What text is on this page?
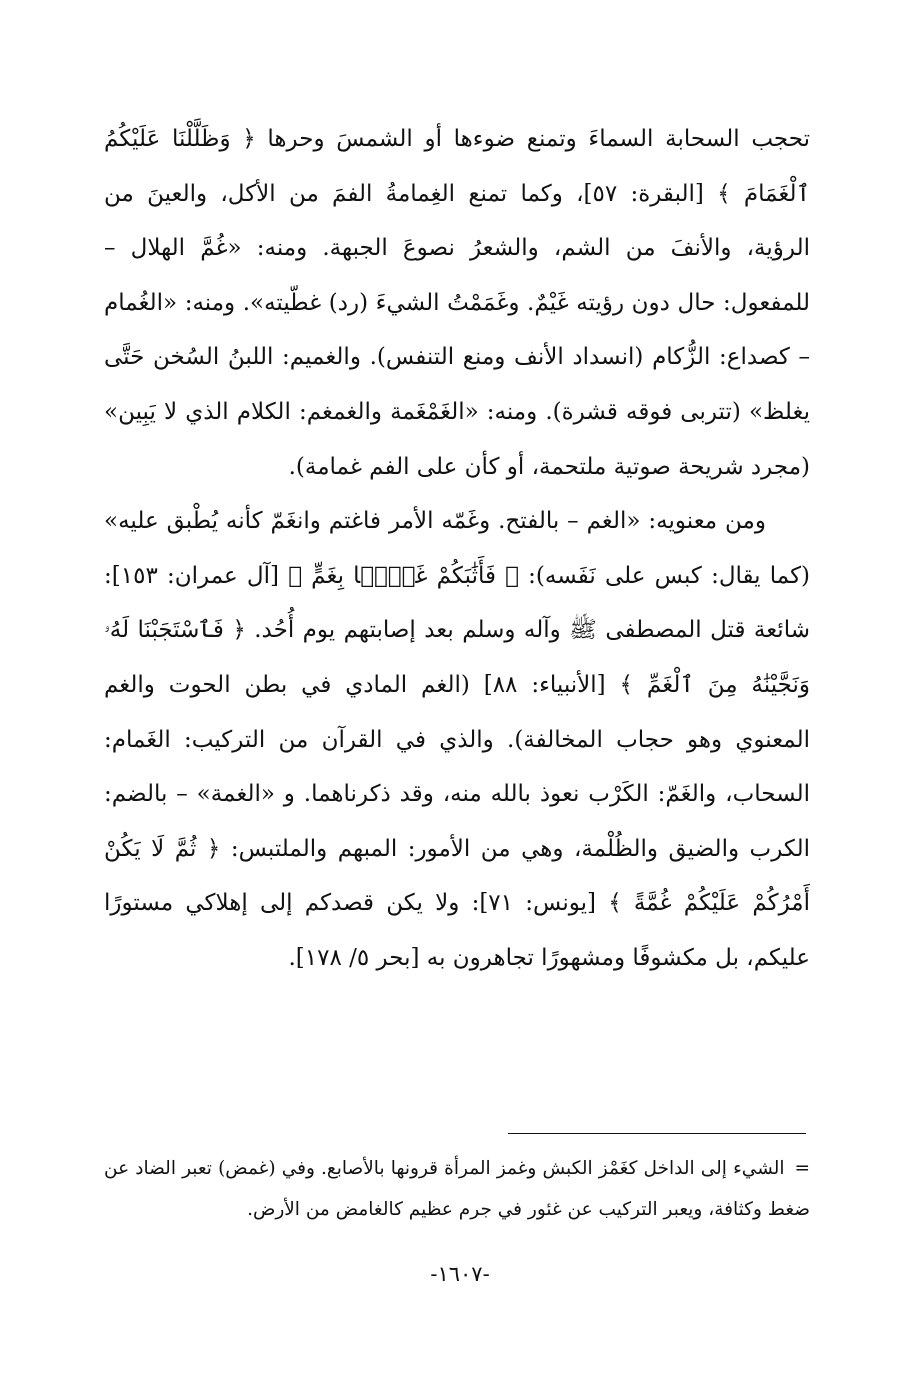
تحجب السحابة السماءَ وتمنع ضوءها أو الشمسَ وحرها ﴿ وَظَلَّلْنَا عَلَيْكُمُ ٱلْغَمَامَ ﴾ [البقرة: ٥٧]، وكما تمنع الغِمامةُ الفمَ من الأكل، والعينَ من الرؤية، والأنفَ من الشم، والشعرُ نصوعَ الجبهة. ومنه: «غُمَّ الهلال – للمفعول: حال دون رؤيته غَيْمٌ. وغَمَمْتُ الشيءَ (رد) غطّيته». ومنه: «الغُمام – كصداع: الزُّكام (انسداد الأنف ومنع التنفس). والغميم: اللبنُ السُخن حَتَّى يغلظ» (تتربى فوقه قشرة). ومنه: «الغَمْغَمة والغمغم: الكلام الذي لا يَبِين» (مجرد شريحة صوتية ملتحمة، أو كأن على الفم غمامة).

ومن معنويه: «الغم – بالفتح. وغَمّه الأمر فاغتم وانغَمّ كأنه يُطْبق عليه» (كما يقال: كبس على نَفَسه): ﴿ فَأَثَٰبَكُمْ غَمًّۢا بِغَمٍّ ﴾ [آل عمران: ١٥٣]: شائعة قتل المصطفى ﷺ وآله وسلم بعد إصابتهم يوم أُحُد. ﴿ فَٱسْتَجَبْنَا لَهُۥ وَنَجَّيْنَٰهُ مِنَ ٱلْغَمِّ ﴾ [الأنبياء: ٨٨] (الغم المادي في بطن الحوت والغم المعنوي وهو حجاب المخالفة). والذي في القرآن من التركيب: الغَمام: السحاب، والغَمّ: الكَرْب نعوذ بالله منه، وقد ذكرناهما. و «الغمة» – بالضم: الكرب والضيق والظُلْمة، وهي من الأمور: المبهم والملتبس: ﴿ ثُمَّ لَا يَكُنْ أَمْرُكُمْ عَلَيْكُمْ غُمَّةً ﴾ [يونس: ٧١]: ولا يكن قصدكم إلى إهلاكي مستورًا عليكم، بل مكشوفًا ومشهورًا تجاهرون به [بحر ٥/ ١٧٨].

=الشيء إلى الداخل كغَمْز الكبش وغمز المرأة قرونها بالأصابع. وفي (غمض) تعبر الضاد عن ضغط وكثافة، ويعبر التركيب عن غئور في جرم عظيم كالغامض من الأرض.

-١٦٠٧-
